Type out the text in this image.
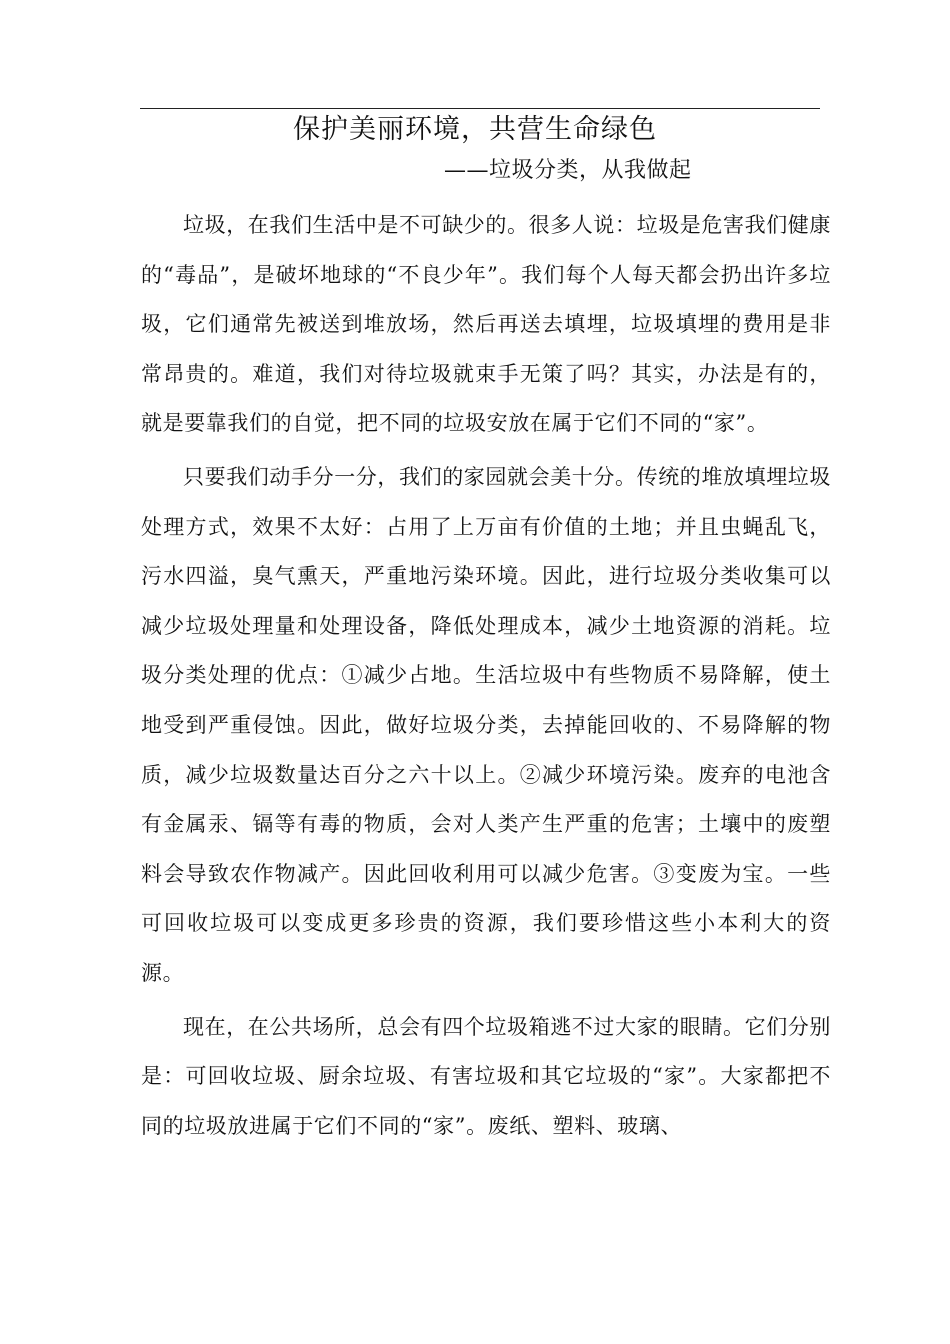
保护美丽环境，共营生命绿色

——垃圾分类，从我做起

垃圾，在我们生活中是不可缺少的。很多人说：垃圾是危害我们健康的“毒品”，是破坏地球的“不良少年”。我们每个人每天都会扔出许多垃圾，它们通常先被送到堆放场，然后再送去填埋，垃圾填埋的费用是非常昂贵的。难道，我们对待垃圾就束手无策了吗？其实，办法是有的，就是要靠我们的自觉，把不同的垃圾安放在属于它们不同的“家”。

只要我们动手分一分，我们的家园就会美十分。传统的堆放填埋垃圾处理方式，效果不太好：占用了上万亩有价值的土地；并且虫蝇乱飞，污水四溢，臭气熏天，严重地污染环境。因此，进行垃圾分类收集可以减少垃圾处理量和处理设备，降低处理成本，减少土地资源的消耗。垃圾分类处理的优点：①减少占地。生活垃圾中有些物质不易降解，使土地受到严重侵蚀。因此，做好垃圾分类，去掉能回收的、不易降解的物质，减少垃圾数量达百分之六十以上。②减少环境污染。废弃的电池含有金属汞、镉等有毒的物质，会对人类产生严重的危害；土壤中的废塑料会导致农作物减产。因此回收利用可以减少危害。③变废为宝。一些可回收垃圾可以变成更多珍贵的资源，我们要珍惜这些小本利大的资源。

现在，在公共场所，总会有四个垃圾箱逃不过大家的眼睛。它们分别是：可回收垃圾、厨余垃圾、有害垃圾和其它垃圾的“家”。大家都把不同的垃圾放进属于它们不同的“家”。废纸、塑料、玻璃、
